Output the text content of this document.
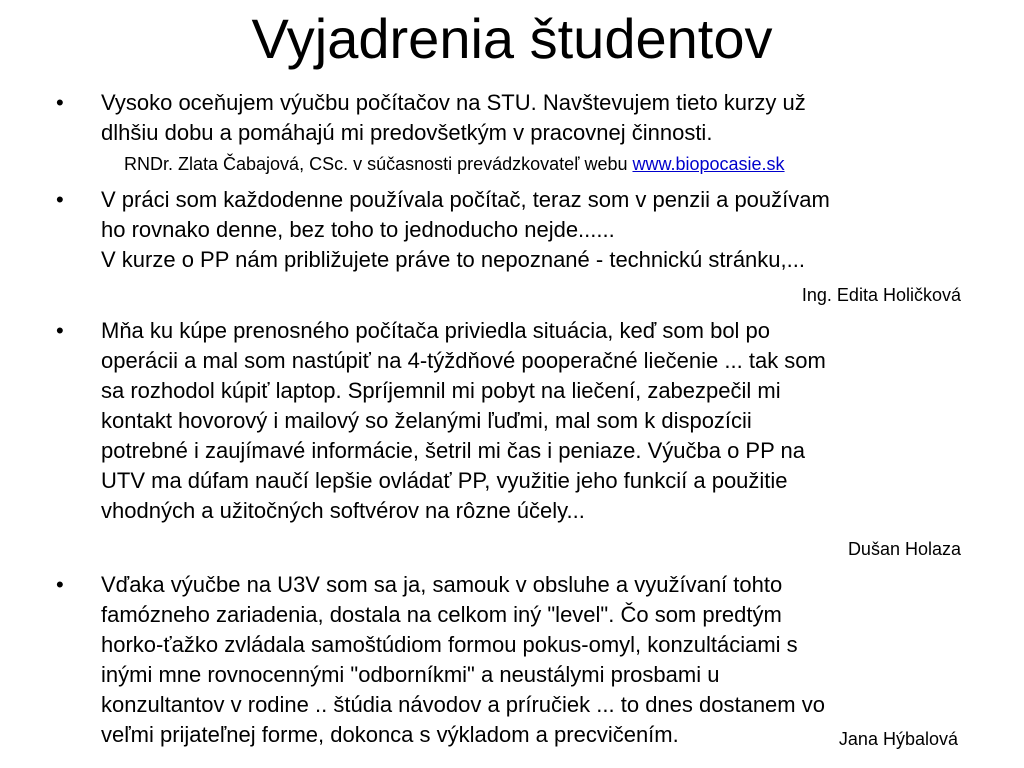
Vyjadrenia študentov
• Vysoko oceňujem výučbu počítačov na STU. Navštevujem tieto kurzy už
dlhšiu dobu a pomáhajú mi predovšetkým v pracovnej činnosti.
RNDr. Zlata Čabajová, CSc. v súčasnosti prevádzkovateľ webu www.biopocasie.sk
• V práci som každodenne používala počítač, teraz som v penzii a používam
ho rovnako denne, bez toho to jednoducho nejde......
V kurze o PP nám približujete práve to nepoznané - technickú stránku,...
Ing. Edita Holičková
• Mňa ku kúpe prenosného počítača priviedla situácia, keď som bol po
operácii a mal som nastúpiť na 4-týždňové pooperačné liečenie ... tak som
sa rozhodol kúpiť laptop. Spríjemnil mi pobyt na liečení, zabezpečil mi
kontakt hovorový i mailový so želanými ľuďmi, mal som k dispozícii
potrebné i zaujímavé informácie, šetril mi čas i peniaze. Výučba o PP na
UTV ma dúfam naučí lepšie ovládať PP, využitie jeho funkcií a použitie
vhodných a užitočných softvérov na rôzne účely...
Dušan Holaza
• Vďaka výučbe na U3V som sa ja, samouk v obsluhe a využívaní tohto
famózneho zariadenia, dostala na celkom iný "level". Čo som predtým
horko-ťažko zvládala samoštúdiom formou pokus-omyl, konzultáciami s
inými mne rovnocennými "odborníkmi" a neustálymi prosbami u
konzultantov v rodine .. štúdia návodov a príručiek ... to dnes dostanem vo
veľmi prijateľnej forme, dokonca s výkladom a precvičením.	Jana Hýbalová
